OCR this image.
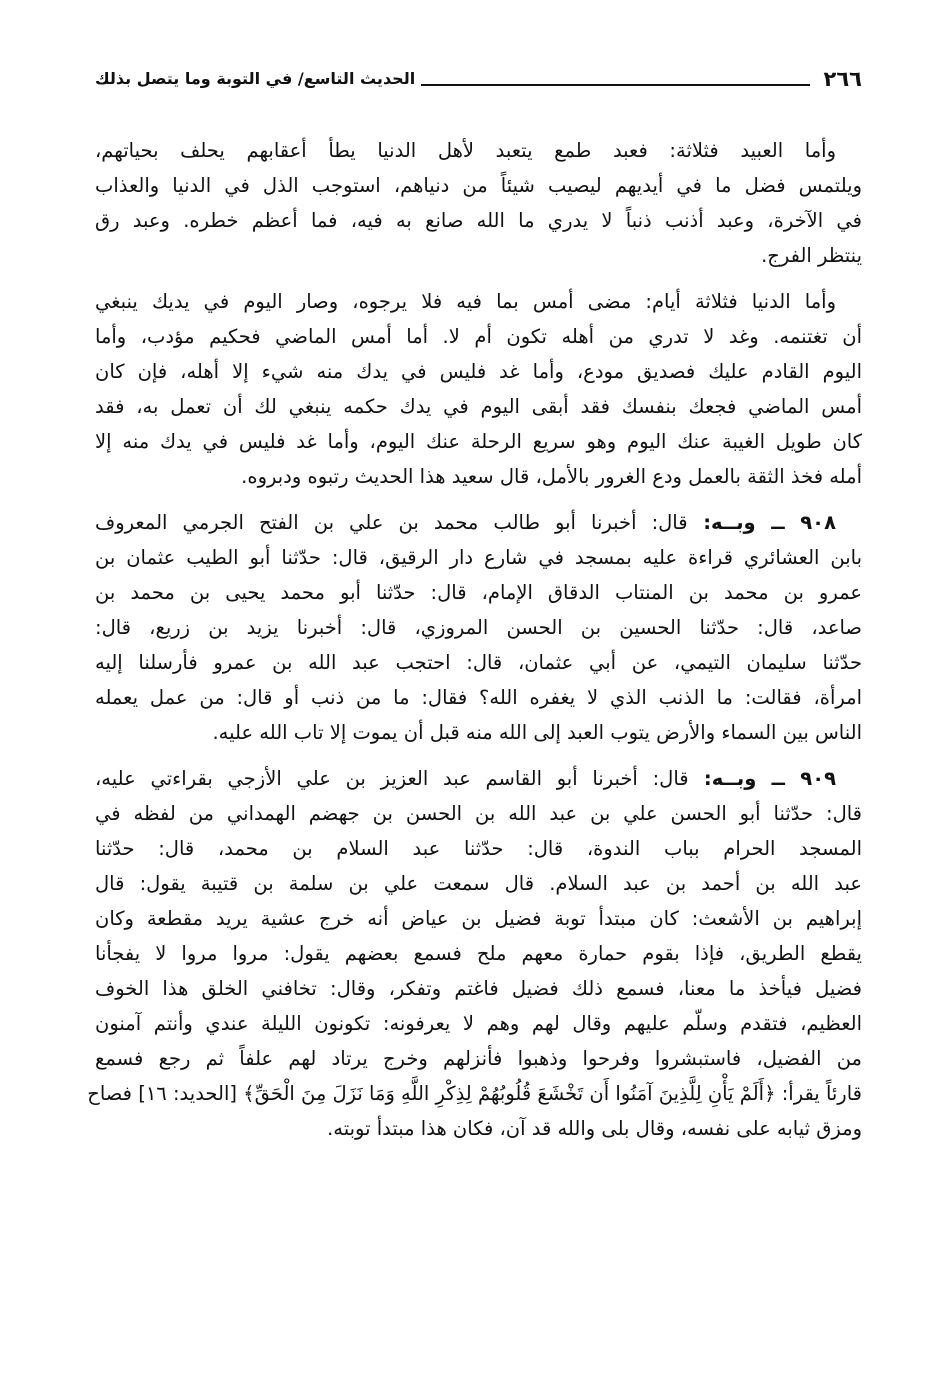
٢٦٦
الحديث التاسع/ في التوبة وما يتصل بذلك
وأما العبيد فثلاثة: فعبد طمع يتعبد لأهل الدنيا يطأ أعقابهم يحلف بحياتهم،
ويلتمس فضل ما في أيديهم ليصيب شيئاً من دنياهم، استوجب الذل في الدنيا والعذاب
في الآخرة، وعبد أذنب ذنباً لا يدري ما الله صانع به فيه، فما أعظم خطره. وعبد رق
ينتظر الفرج.
وأما الدنيا فثلاثة أيام: مضى أمس بما فيه فلا يرجوه، وصار اليوم في يديك ينبغي
أن تغتنمه. وغد لا تدري من أهله تكون أم لا. أما أمس الماضي فحكيم مؤدب، وأما
اليوم القادم عليك فصديق مودع، وأما غد فليس في يدك منه شيء إلا أهله، فإن كان
أمس الماضي فجعك بنفسك فقد أبقى اليوم في يدك حكمه ينبغي لك أن تعمل به، فقد
كان طويل الغيبة عنك اليوم وهو سريع الرحلة عنك اليوم، وأما غد فليس في يدك منه إلا
أمله فخذ الثقة بالعمل ودع الغرور بالأمل، قال سعيد هذا الحديث رتبوه ودبروه.
٩٠٨ ــ وبــه: قال: أخبرنا أبو طالب محمد بن علي بن الفتح الجرمي المعروف
بابن العشائري قراءة عليه بمسجد في شارع دار الرقيق، قال: حدّثنا أبو الطيب عثمان بن
عمرو بن محمد بن المنتاب الدقاق الإمام، قال: حدّثنا أبو محمد يحيى بن محمد بن
صاعد، قال: حدّثنا الحسين بن الحسن المروزي، قال: أخبرنا يزيد بن زريع، قال:
حدّثنا سليمان التيمي، عن أبي عثمان، قال: احتجب عبد الله بن عمرو فأرسلنا إليه
امرأة، فقالت: ما الذنب الذي لا يغفره الله؟ فقال: ما من ذنب أو قال: من عمل يعمله
الناس بين السماء والأرض يتوب العبد إلى الله منه قبل أن يموت إلا تاب الله عليه.
٩٠٩ ــ وبــه: قال: أخبرنا أبو القاسم عبد العزيز بن علي الأزجي بقراءتي عليه،
قال: حدّثنا أبو الحسن علي بن عبد الله بن الحسن بن جهضم الهمداني من لفظه في
المسجد الحرام بباب الندوة، قال: حدّثنا عبد السلام بن محمد، قال: حدّثنا
عبد الله بن أحمد بن عبد السلام. قال سمعت علي بن سلمة بن قتيبة يقول: قال
إبراهيم بن الأشعث: كان مبتدأ توبة فضيل بن عياض أنه خرج عشية يريد مقطعة وكان
يقطع الطريق، فإذا بقوم حمارة معهم ملح فسمع بعضهم يقول: مروا مروا لا يفجأنا
فضيل فيأخذ ما معنا، فسمع ذلك فضيل فاغتم وتفكر، وقال: تخافني الخلق هذا الخوف
العظيم، فتقدم وسلّم عليهم وقال لهم وهم لا يعرفونه: تكونون الليلة عندي وأنتم آمنون
من الفضيل، فاستبشروا وفرحوا وذهبوا فأنزلهم وخرج يرتاد لهم علفاً ثم رجع فسمع
قارئاً يقرأ: ﴿أَلَمْ يَأْنِ لِلَّذِينَ آمَنُوا أَن تَخْشَعَ قُلُوبُهُمْ لِذِكْرِ اللَّهِ وَمَا نَزَلَ مِنَ الْحَقِّ﴾ [الحديد: ١٦] فصاح
ومزق ثيابه على نفسه، وقال بلى والله قد آن، فكان هذا مبتدأ توبته.
